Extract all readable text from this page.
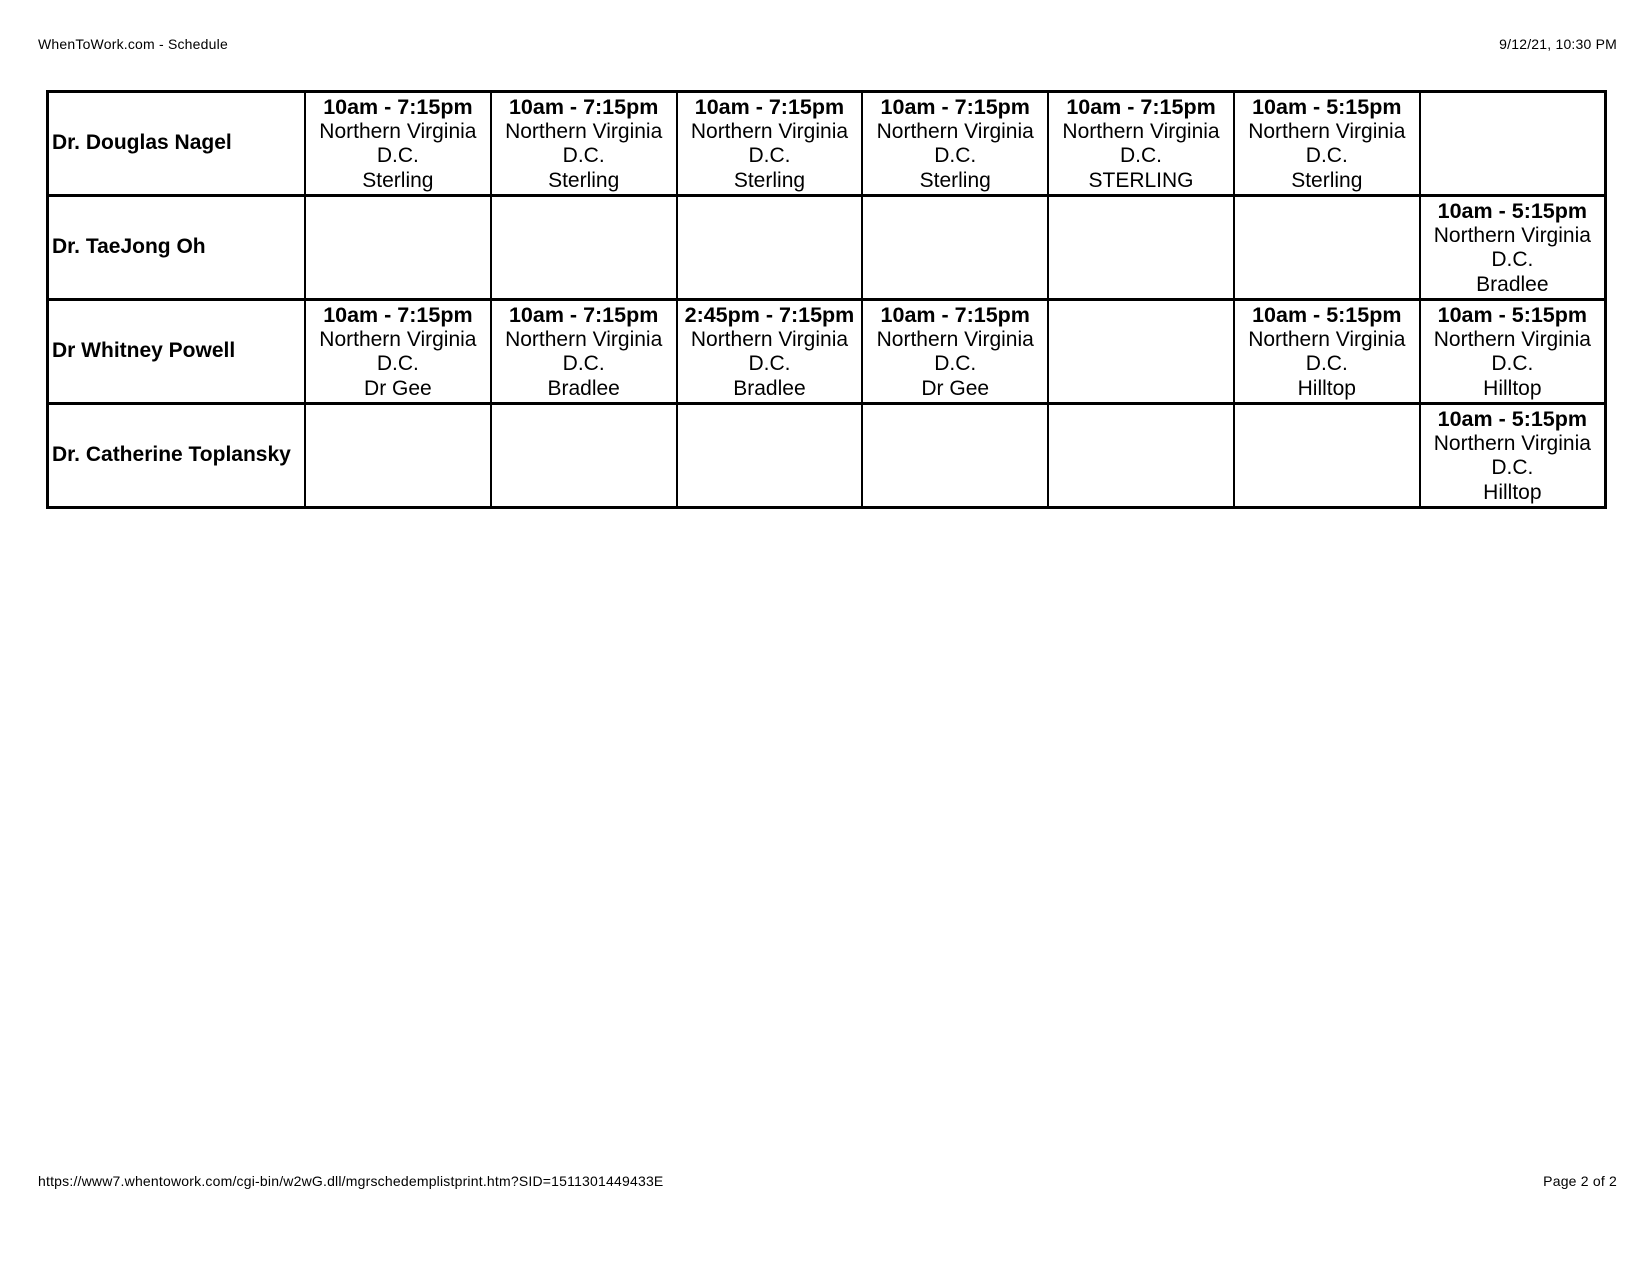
WhenToWork.com - Schedule	9/12/21, 10:30 PM
Dr. Douglas Nagel	10am - 7:15pm
Northern Virginia
D.C.
Sterling	10am - 7:15pm
Northern Virginia
D.C.
Sterling	10am - 7:15pm
Northern Virginia
D.C.
Sterling	10am - 7:15pm
Northern Virginia
D.C.
Sterling	10am - 7:15pm
Northern Virginia
D.C.
STERLING	10am - 5:15pm
Northern Virginia
D.C.
Sterling	

Dr. TaeJong Oh							10am - 5:15pm
Northern Virginia
D.C.
Bradlee

Dr Whitney Powell	10am - 7:15pm
Northern Virginia
D.C.
Dr Gee	10am - 7:15pm
Northern Virginia
D.C.
Bradlee	2:45pm - 7:15pm
Northern Virginia
D.C.
Bradlee	10am - 7:15pm
Northern Virginia
D.C.
Dr Gee		10am - 5:15pm
Northern Virginia
D.C.
Hilltop	10am - 5:15pm
Northern Virginia
D.C.
Hilltop

Dr. Catherine Toplansky							10am - 5:15pm
Northern Virginia
D.C.
Hilltop
https://www7.whentowork.com/cgi-bin/w2wG.dll/mgrschedemplistprint.htm?SID=1511301449433E	Page 2 of 2
